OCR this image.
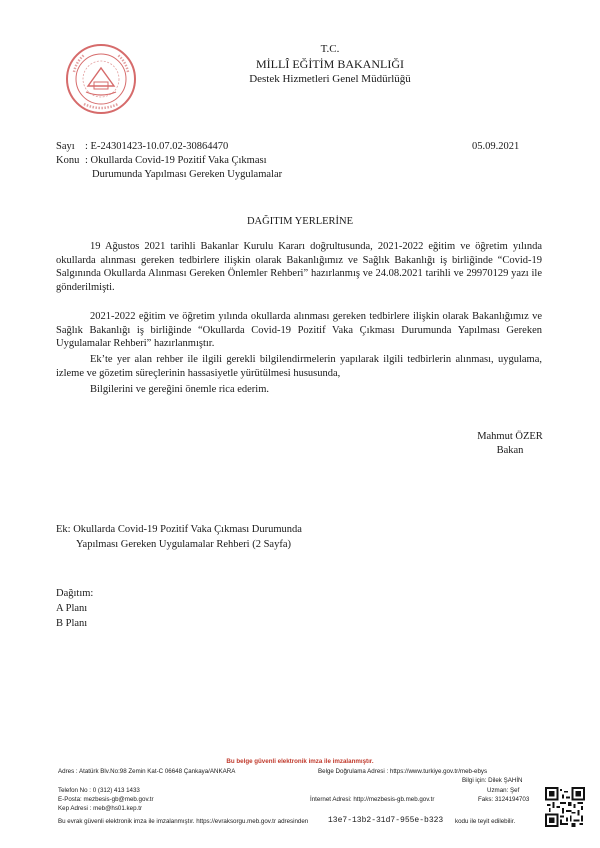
T.C.
MİLLÎ EĞİTİM BAKANLIĞI
Destek Hizmetleri Genel Müdürlüğü
Sayı : E-24301423-10.07.02-30864470	05.09.2021
Konu : Okullarda Covid-19 Pozitif Vaka Çıkması
Durumunda Yapılması Gereken Uygulamalar
DAĞITIM YERLERİNE
19 Ağustos 2021 tarihli Bakanlar Kurulu Kararı doğrultusunda, 2021-2022 eğitim ve öğretim yılında okullarda alınması gereken tedbirlere ilişkin olarak Bakanlığımız ve Sağlık Bakanlığı iş birliğinde “Covid-19 Salgınında Okullarda Alınması Gereken Önlemler Rehberi” hazırlanmış ve 24.08.2021 tarihli ve 29970129 yazı ile gönderilmişti.
2021-2022 eğitim ve öğretim yılında okullarda alınması gereken tedbirlere ilişkin olarak Bakanlığımız ve Sağlık Bakanlığı iş birliğinde “Okullarda Covid-19 Pozitif Vaka Çıkması Durumunda Yapılması Gereken Uygulamalar Rehberi” hazırlanmıştır.
Ek’te yer alan rehber ile ilgili gerekli bilgilendirmelerin yapılarak ilgili tedbirlerin alınması, uygulama, izleme ve gözetim süreçlerinin hassasiyetle yürütülmesi hususunda,
Bilgilerini ve gereğini önemle rica ederim.
Mahmut ÖZER
Bakan
Ek: Okullarda Covid-19 Pozitif Vaka Çıkması Durumunda
Yapılması Gereken Uygulamalar Rehberi (2 Sayfa)
Dağıtım:
A Planı
B Planı
Bu belge güvenli elektronik imza ile imzalanmıştır.
Adres : Atatürk Blv.No:98 Zemin Kat-C 06648 Çankaya/ANKARA	Belge Doğrulama Adresi : https://www.turkiye.gov.tr/meb-ebys
Bilgi için: Dilek ŞAHİN
Telefon No : 0 (312) 413 1433	Uzman: Şef
E-Posta: mezbesis-gb@meb.gov.tr	İnternet Adresi: http://mezbesis-gb.meb.gov.tr	Faks: 3124194703
Kep Adresi : meb@hs01.kep.tr
Bu evrak güvenli elektronik imza ile imzalanmıştır. https://evraksorgu.meb.gov.tr adresinden 13e7-13b2-31d7-955e-b323 kodu ile teyit edilebilir.
